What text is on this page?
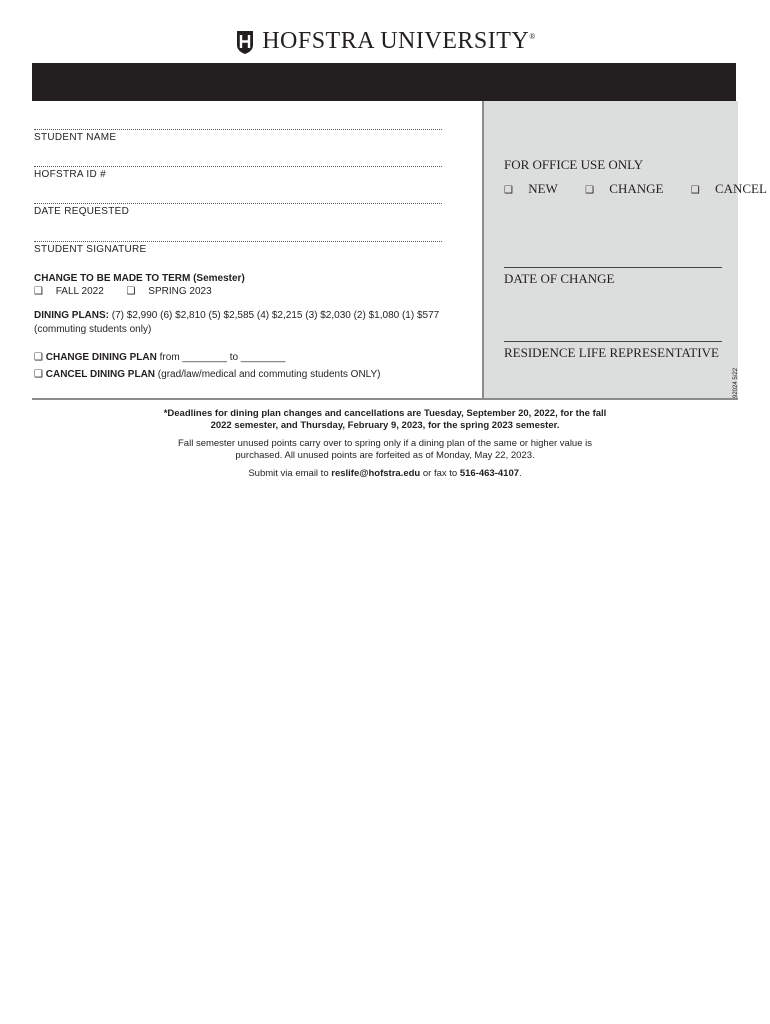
HOFSTRA UNIVERSITY®
STUDENT NAME
HOFSTRA ID #
DATE REQUESTED
STUDENT SIGNATURE
CHANGE TO BE MADE TO TERM (Semester)
❑ FALL 2022 ❑ SPRING 2023
DINING PLANS: (7) $2,990 (6) $2,810 (5) $2,585 (4) $2,215 (3) $2,030 (2) $1,080 (1) $577 (commuting students only)
❑ CHANGE DINING PLAN from ________ to ________
❑ CANCEL DINING PLAN (grad/law/medical and commuting students ONLY)
FOR OFFICE USE ONLY
❑ NEW	❑ CHANGE	❑ CANCEL
DATE OF CHANGE
RESIDENCE LIFE REPRESENTATIVE
92024 5/22

*Deadlines for dining plan changes and cancellations are Tuesday, September 20, 2022, for the fall 2022 semester, and Thursday, February 9, 2023, for the spring 2023 semester.

Fall semester unused points carry over to spring only if a dining plan of the same or higher value is purchased. All unused points are forfeited as of Monday, May 22, 2023.

Submit via email to reslife@hofstra.edu or fax to 516-463-4107.
